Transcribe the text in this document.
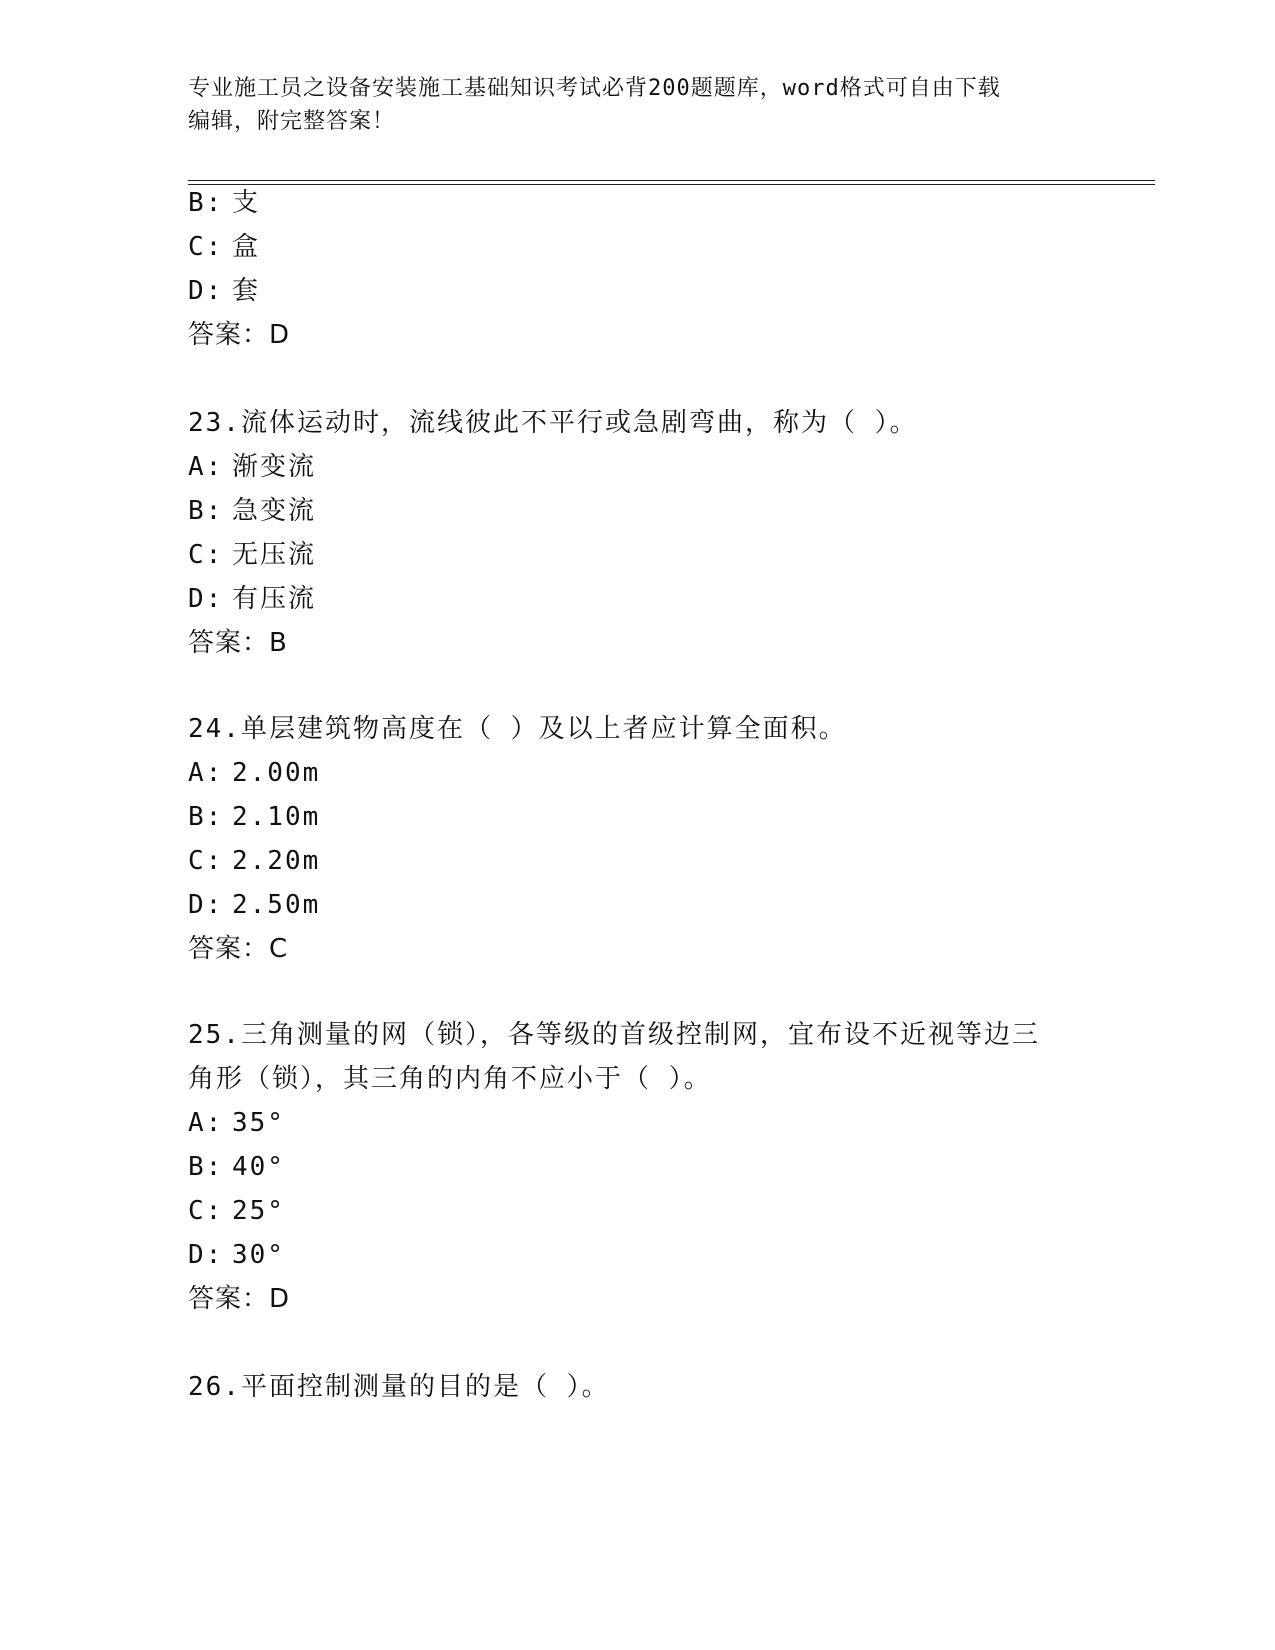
专业施工员之设备安装施工基础知识考试必背200题题库，word格式可自由下载
编辑，附完整答案！
B: 支
C: 盒
D: 套
答案：D
23.流体运动时，流线彼此不平行或急剧弯曲，称为（ ）。
A: 渐变流
B: 急变流
C: 无压流
D: 有压流
答案：B
24.单层建筑物高度在（ ）及以上者应计算全面积。
A: 2.00m
B: 2.10m
C: 2.20m
D: 2.50m
答案：C
25.三角测量的网（锁），各等级的首级控制网，宜布设不近视等边三
角形（锁），其三角的内角不应小于（ ）。
A: 35°
B: 40°
C: 25°
D: 30°
答案：D
26.平面控制测量的目的是（ ）。
